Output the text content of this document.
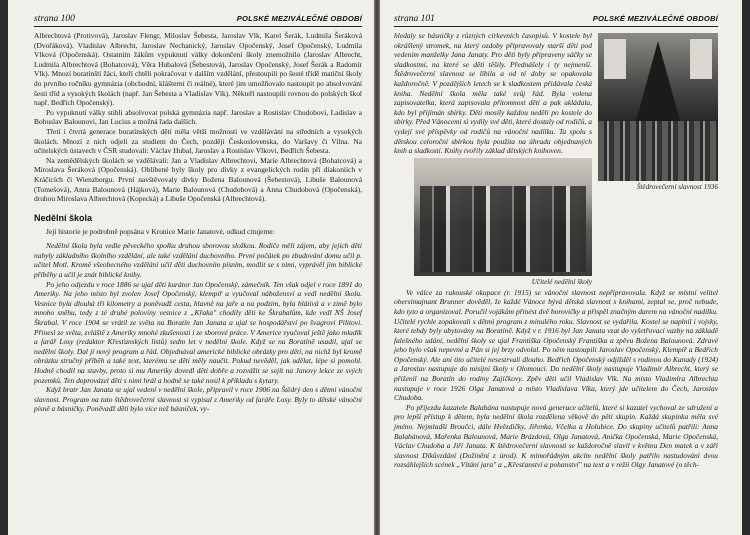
strana 100	POLSKÉ MEZIVÁLEČNÉ OBDOBÍ

Albrechtová (Protivová), Jaroslav Flengr, Miloslav Šebesta, Jaroslav Vlk, Karel Šerák, Ludmila Šeráková (Dvořáková). Vladislav Albrecht, Jaroslav Nechanický, Jaroslav Opočenský, Josef Opočenský, Ludmila Vlková (Opočenská). Ostatním žákům vypuknutí války dokončení školy znemožnilo (Jaroslav Albrecht, Ludmila Albrechtová (Bohatcová), Věra Hubalová (Šebestová), Jaroslav Opočenský, Josef Šerák a Radomír Vlk). Mnozí boratínští žáci, kteří chtěli pokračovat v dalším vzdělání, přestoupili po šesté třídě matiční školy do prvního ročníku gymnázia (obchodní, klášterní či reálné), které jim umožňovalo nastoupit po absolvování šesti tříd a vysokých školách (např. Jan Šebesta a Vladislav Vlk). Někteří nastoupili rovnou do polských škol např. Bedřich Opočenský).

Po vypuknutí války stihli absolvovat polská gymnázia např. Jaroslav a Rostislav Chudobovi, Ladislav a Bohuslav Balounovi, Jan Lucius a možná řada dalších.

Třetí i čtvrtá generace boratínských dětí měla větší možnosti ve vzdělávání na středních a vysokých školách. Mnozí z nich odjeli za studiem do Čech, později Československa, do Varšavy či Vilna. Na učitelských ústavech v ČSR studovali: Václav Hubal, Jaroslav a Rostislav Vlkovi, Bedřich Šebesta.

Na zemědělských školách se vzdělávali: Jan a Vladislav Albrechtovi, Marie Albrechtová (Bohatcová) a Miroslava Šeráková (Opočenská). Oblíbené byly školy pro dívky z evangelických rodin při diakoniích v Kráčicích či Wienzborgu. První navštěvovaly dívky Božena Balounová (Šebestová), Libuše Balounová (Tomešová), Anna Balounová (Hájková), Marie Balounová (Chudobová) a Anna Chudobová (Opočenská), druhou Miroslava Albrechtová (Kopecká) a Libuše Opočenská (Albrechtová).

Nedělní škola

Její historie je podrobně popsána v Kronice Marie Janatové, odkud citujeme:

Nedělní škola byla vedle pěveckého spolku druhou sborovou složkou. Rodiče měli zájem, aby jejich děti nabyly základního školního vzdělání, ale také vzdělání duchovního. První počátek po zbudování domu učil p. učitel Motl. Kromě všeobecného vzdělání učil děti duchovním písním, modlit se s nimi, vyprávěl jim biblické příběhy a učil je znát biblické knihy.

Po jeho odjezdu v roce 1886 se ujal děti kurátor Jan Opočenský, zámečník. Ten však odjel v roce 1891 do Ameriky. Na jeho místo byl zvolen Josef Opočenský, klempíř a vyučoval nábožensví a vedl nedělní školu. Vesnice byla dlouhá tři kilometry a poněvadž cesta, hlavně na jaře a na podzim, byla blátivá a v zimě bylo mnoho sněhu, tedy z té druhé poloviny vesnice z „Křaka" chodily děti ke Škrabalům, kde vedl NŠ Josef Škrabal. V roce 1904 se vrátil ze světa na Boratín Jan Janata a ujal se hospodářství po švagrovi Pilitovi. Přinesl ze světa, zvláště z Ameriky mnohé zkušenosti i ze sborové práce. V Americe vyučoval ještě jako mladík a farář Losy (redaktor Křesťanských listů) sedm let v nedělní škole. Když se na Boratíně usadil, ujal se nedělní školy. Dal jí nový program a řád. Objednával americké biblické obrázky pro děti, na nichž byl kromě obrázku stručný příběh a také text, kterému se děti měly naučit. Pokud nevěděl, jak udělat, lépe si pomohl. Hodně chodil na stavby, proto si mu Ameriky dovedl děti dobře a rozvážit se sejít na Janovy lekce ze svých pozemků. Ten doprovázel děti s nimi hrál a hodně se také nosil k příkladu s kytary.

Když bratr Jan Janata se ujal vedení v nedělní škole, připravil v roce 1906 na Štědrý den s dětmi vánoční slavnost. Program na tuto štědrovečerní slavnost si vypisal z Ameriky od faráře Losy. Byly to dětské vánoční písně a básničky. Poněvadž děti bylo více než básniček, vy-

strana 101	POLSKÉ MEZIVÁLEČNÉ OBDOBÍ
Štědrovečerní slavnost 1936

hledaly se básničky z různých církevních časopisů. V kostele byl okrášlený stromek, na který ozdoby připravovaly starší děti pod vedením manželky Jana Janaty. Pro děti byly připraveny sáčky se sladkostmi, na které se děti těšily. Přednášely i ty nejmenší. Štědrovečerní slavnost se líbila a od té doby se opakovala každoročně. V pozdějších letech se k sladkostem přidávala česká kniha. Nedělní škola měla také svůj řád. Byla volena zapisovatelka, která zapisovala přítomnost dětí a pak ukládala, kdo byl přijímán sbírky. Děti mosíly každou neděli po kostele do sbírky. Před Vánocemi si vydily své děti, které dostaly od rodičů, a vydejí své příspěvky od rodičů na vánoční nadílku. Ta spolu s dětskou celoroční sbírkou byla použita na úhradu objednaných knih a sladkostí. Knihy tvořily základ dětských knihoven.

Učitelé nedělní školy

Ve válce za rakouské okupace (r. 1915) se vánoční slavnost nepřipravovala. Když se místní velitel obersimajnant Brunner dověděl, že každé Vánoce bývá dětská slavnost s knihami, zeptal se, proč nebude, kdo tyto a organizoval. Poručil vojákům přinést dvě borovičky a přispěl značným darem na vánoční nadílku. Učitelé rychle zopakovali s dětmi program z minulého roku. Slavnost se vydařila. Kostel se naplnil i vojsky, které tehdy byly ubytovány na Boratíně. Když v r. 1916 byl Jan Janata vzat do vyšetřovací vazby na základě falešného udání, nedělní školy se ujal Františka Opočenský Františka a zpěvu Božena Balounová. Zdravé jeho bylo však nepevné a Pán si jej brzy odvolal. Po něm nastoupili Jaroslav Opočenský, Klempíř a Bedřich Opočenský. Ale ani tito učitelé nesestrvali dlouho. Bedřich Opočenský odjížděl s rodinou do Kanady (1924) a Jaroslav nastupuje do misijní školy v Olomouci. Do nedělní školy nastupuje Vladimír Albrecht, který se přiženil na Boratín do rodiny Zajíčkovy. Zpěv děti učil Vladislav Vlk. Na místo Vladimíra Albrechta nastupuje v roce 1926 Olga Janatová a místo Vladislava Vlka, který jde učitelem do Čech, Jaroslav Chudoba.

Po příjezdu kazatele Balabána nastupuje nová generace učitelů, které si kazatel vychoval ze sdružení a pro lepší přístup k dětem, byla nedělní škola rozdělena věkově do pěti skupin. Každá skupinka měla své jméno. Nejmladší Broučci, dále Hvězdičky, Jiřenka, Včelka a Holubice. Do skupiny učitelů patřili: Anna Balabánová, Mařenka Balounová, Marie Brázdová, Olga Janatová, Anička Opočenská, Marie Opočenská, Václav Chudoba a Jiří Janata. K štědrovečerní slavnosti se každoročně slavil v květnu Den matek a v září slavnost Díkůvzdání (Dožínění z úrod). K mimořádným akcím nedělní školy patřilo nastudování dvou rozsáhlejších scének „Vítání jara" a „Křesťanství a pohanství" na text a v režii Olgy Janatové (o těch-
